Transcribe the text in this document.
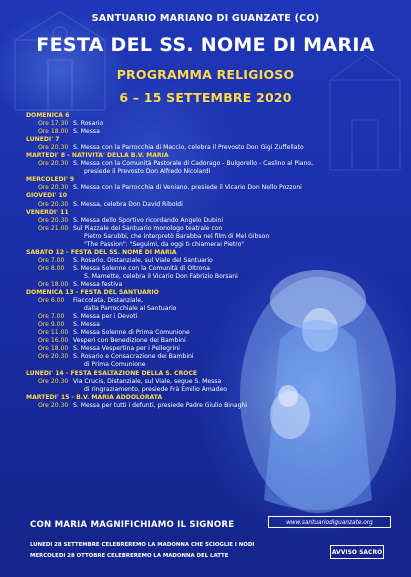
SANTUARIO MARIANO DI GUANZATE (CO)
FESTA DEL SS. NOME DI MARIA
PROGRAMMA RELIGIOSO
6 – 15 SETTEMBRE 2020
DOMENICA 6
Ore 17.30 S. Rosario
Ore 18.00 S. Messa
LUNEDI' 7
Ore 20.30 S. Messa con la Parrocchia di Maccio, celebra il Prevosto Don Gigi Zuffellato
MARTEDI' 8 - NATIVITA' DELLA B.V. MARIA
Ore 20.30 S. Messa con la Comunità Pastorale di Cadorago - Bulgorello - Caslino al Piano,
presiede il Prevosto Don Alfredo Nicolardi
MERCOLEDI' 9
Ore 20.30 S. Messa con la Parrocchia di Veniano, presiede il Vicario Don Nello Pozzoni
GIOVEDI' 10
Ore 20.30 S. Messa, celebra Don David Riboldi
VENERDI' 11
Ore 20.30 S. Messa dello Sportivo ricordando Angelo Dubini
Ore 21.00 Sul Piazzale del Santuario monologo teatrale con
Pietro Sarubbi, che interpretò Barabba nel film di Mel Gibson
"The Passion": "Seguimi, da oggi ti chiamerai Pietro"
SABATO 12 - FESTA DEL SS. NOME DI MARIA
Ore 7.00 S. Rosario, Distanziale, sul Viale del Santuario
Ore 8.00 S. Messa Solenne con la Comunità di Oltrona
S. Mamette, celebra il Vicario Don Fabrizio Borsani
Ore 18.00 S. Messa festiva
DOMENICA 13 - FESTA DEL SANTUARIO
Ore 6.00 Fiaccolata, Distanziale,
dalla Parrocchiale al Santuario
Ore 7.00 S. Messa per i Devoti
Ore 9.00 S. Messa
Ore 11.00 S. Messa Solenne di Prima Comunione
Ore 16.00 Vesperi con Benedizione dei Bambini
Ore 18.00 S. Messa Vespertina per i Pellegrini
Ore 20.30 S. Rosario e Consacrazione dei Bambini
di Prima Comunione
LUNEDI' 14 - FESTA ESALTAZIONE DELLA S. CROCE
Ore 20.30 Via Crucis, Distanziale, sul Viale, segue S. Messa
di ringraziamento, presiede Frà Emilio Amadeo
MARTEDI' 15 - B.V. MARIA ADDOLORATA
Ore 20.30 S. Messa per tutti i defunti, presiede Padre Giulio Binaghi
CON MARIA MAGNIFICHIAMO IL SIGNORE	www.santuariodiguanzate.org
LUNEDI 28 SETTEMBRE CELEBREREMO LA MADONNA CHE SCIOGLIE I NODI
MERCOLEDI 28 OTTOBRE CELEBREREMO LA MADONNA DEL LATTE	AVVISO SACRO
